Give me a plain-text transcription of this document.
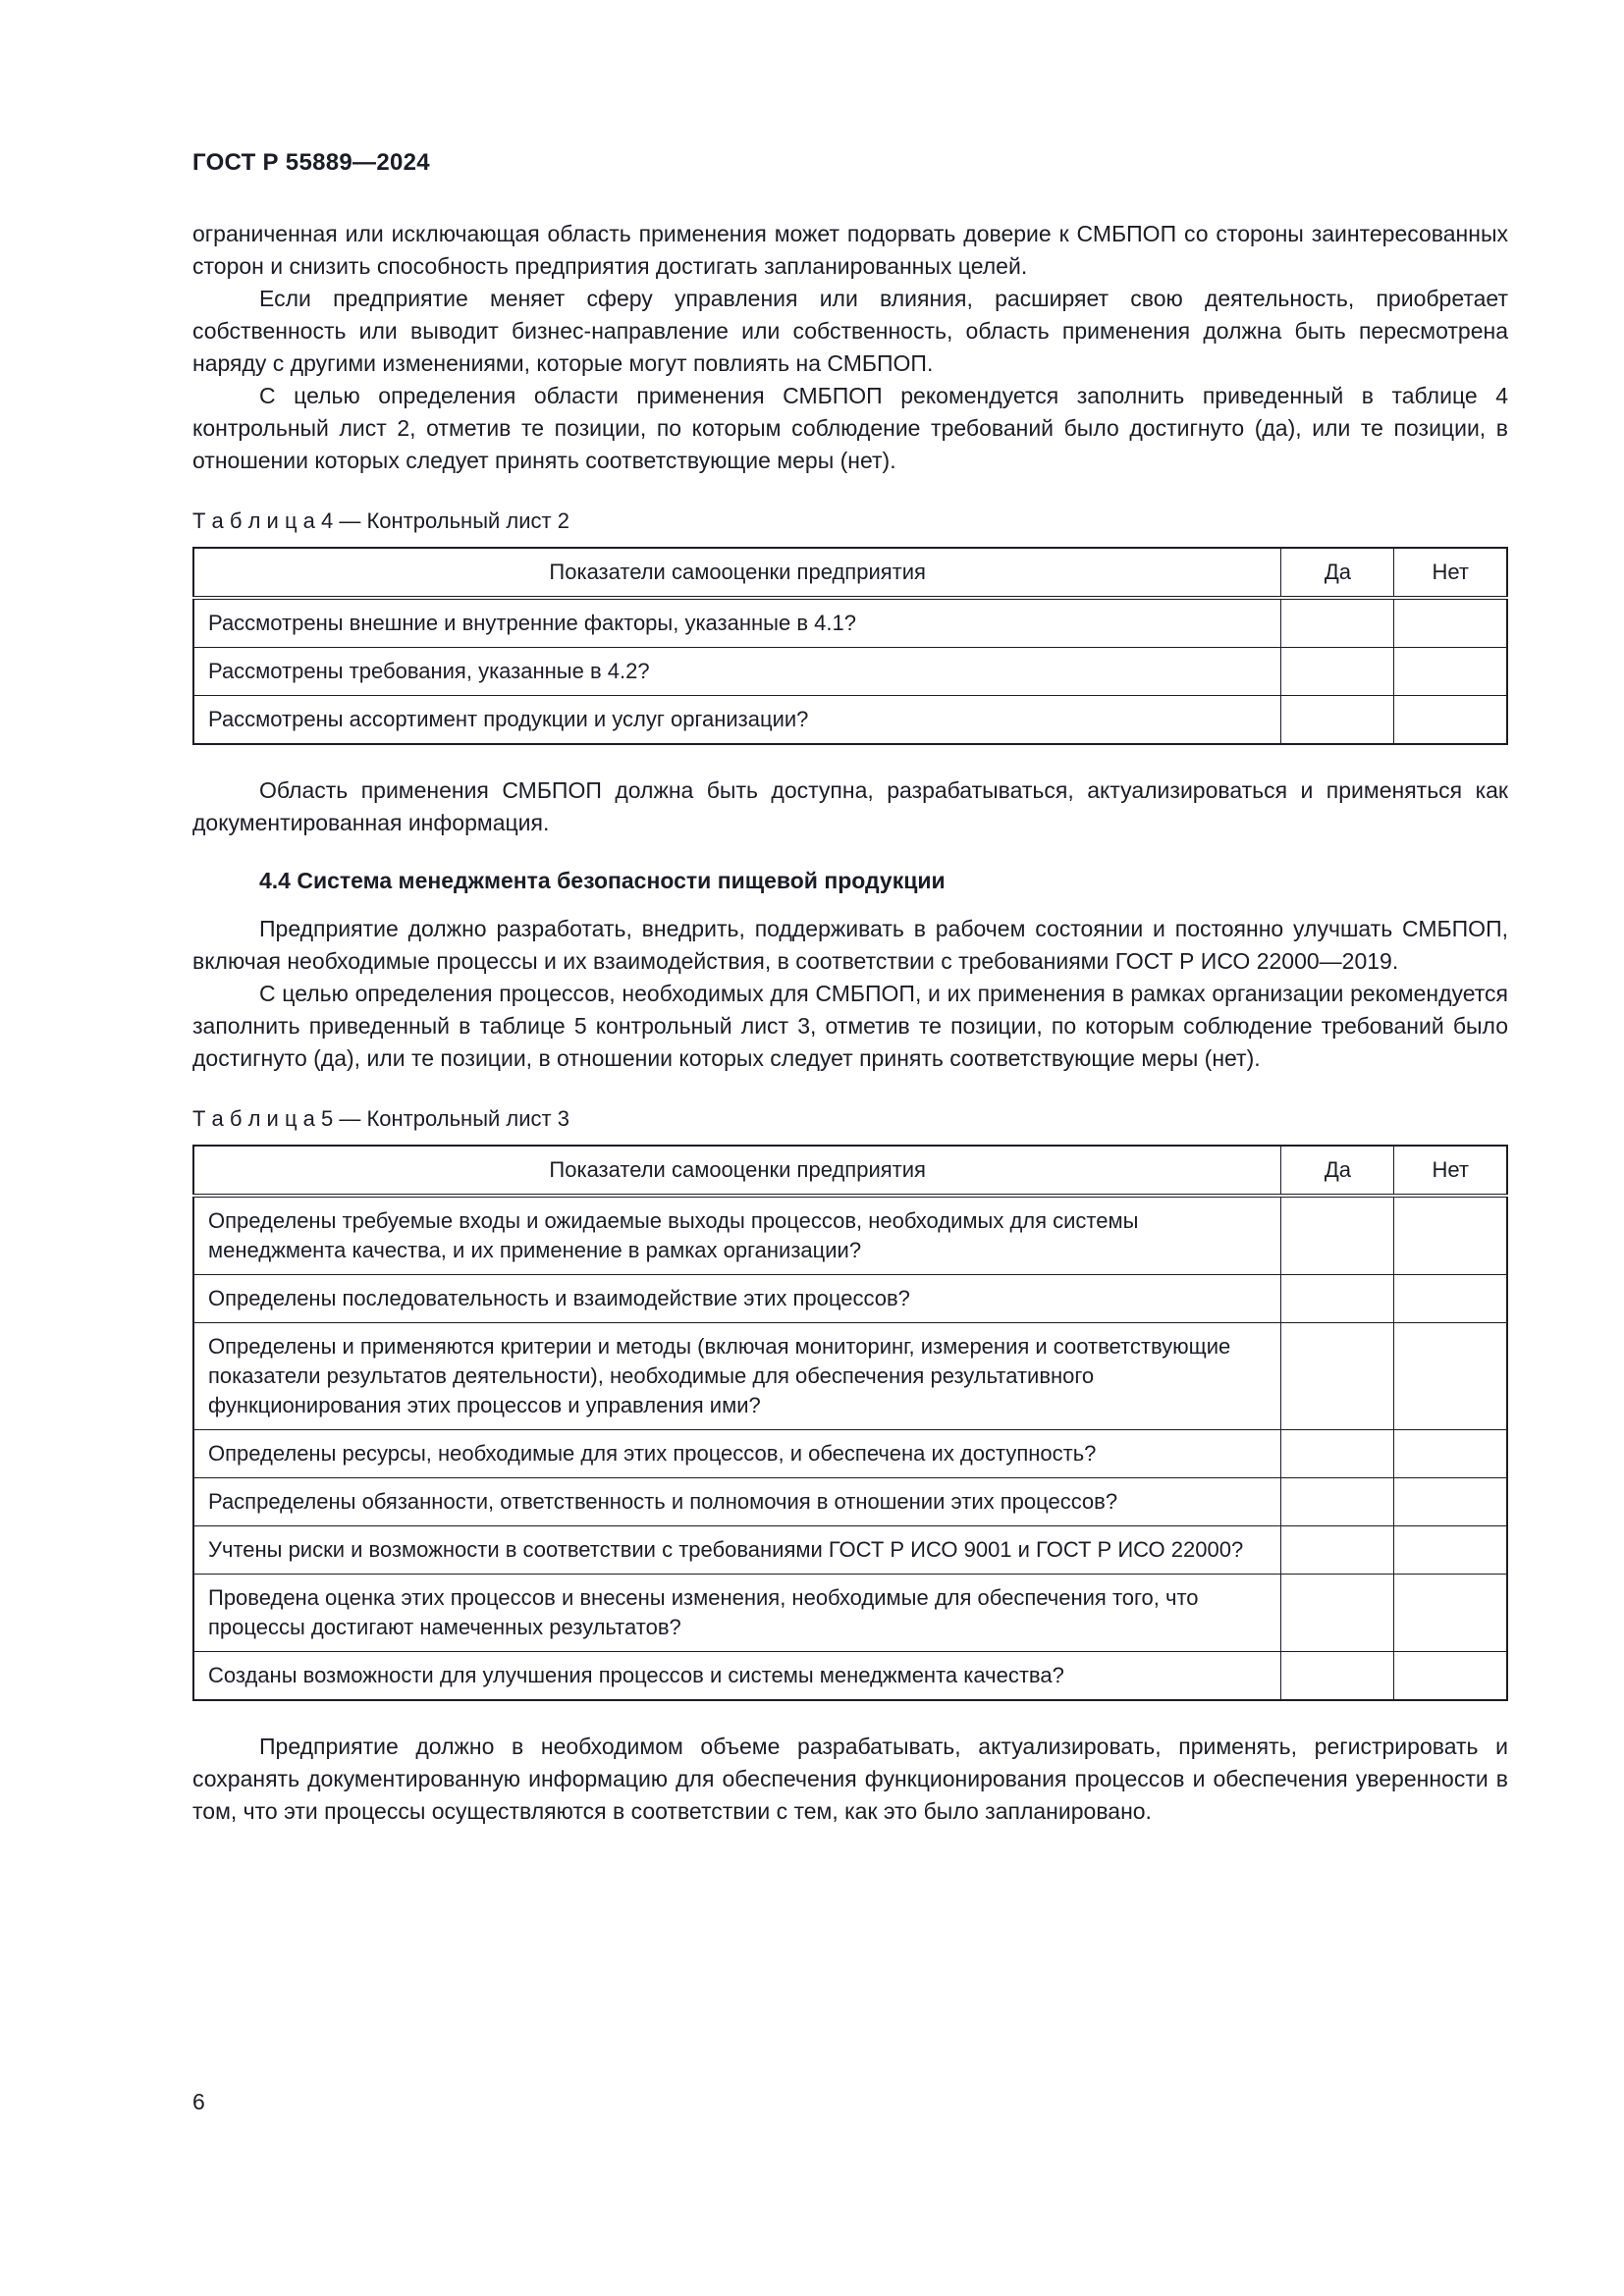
ГОСТ Р 55889—2024

ограниченная или исключающая область применения может подорвать доверие к СМБПОП со стороны заинтересованных сторон и снизить способность предприятия достигать запланированных целей.

Если предприятие меняет сферу управления или влияния, расширяет свою деятельность, приобретает собственность или выводит бизнес-направление или собственность, область применения должна быть пересмотрена наряду с другими изменениями, которые могут повлиять на СМБПОП.

С целью определения области применения СМБПОП рекомендуется заполнить приведенный в таблице 4 контрольный лист 2, отметив те позиции, по которым соблюдение требований было достигнуто (да), или те позиции, в отношении которых следует принять соответствующие меры (нет).

Т а б л и ц а 4 — Контрольный лист 2
Показатели самооценки предприятия	Да	Нет
Рассмотрены внешние и внутренние факторы, указанные в 4.1?		
Рассмотрены требования, указанные в 4.2?		
Рассмотрены ассортимент продукции и услуг организации?		

Область применения СМБПОП должна быть доступна, разрабатываться, актуализироваться и применяться как документированная информация.

4.4 Система менеджмента безопасности пищевой продукции

Предприятие должно разработать, внедрить, поддерживать в рабочем состоянии и постоянно улучшать СМБПОП, включая необходимые процессы и их взаимодействия, в соответствии с требованиями ГОСТ Р ИСО 22000—2019.

С целью определения процессов, необходимых для СМБПОП, и их применения в рамках организации рекомендуется заполнить приведенный в таблице 5 контрольный лист 3, отметив те позиции, по которым соблюдение требований было достигнуто (да), или те позиции, в отношении которых следует принять соответствующие меры (нет).

Т а б л и ц а 5 — Контрольный лист 3
Показатели самооценки предприятия	Да	Нет
Определены требуемые входы и ожидаемые выходы процессов, необходимых для системы менеджмента качества, и их применение в рамках организации?		
Определены последовательность и взаимодействие этих процессов?		
Определены и применяются критерии и методы (включая мониторинг, измерения и соответствующие показатели результатов деятельности), необходимые для обеспечения результативного функционирования этих процессов и управления ими?		
Определены ресурсы, необходимые для этих процессов, и обеспечена их доступность?		
Распределены обязанности, ответственность и полномочия в отношении этих процессов?		
Учтены риски и возможности в соответствии с требованиями ГОСТ Р ИСО 9001 и ГОСТ Р ИСО 22000?		
Проведена оценка этих процессов и внесены изменения, необходимые для обеспечения того, что процессы достигают намеченных результатов?		
Созданы возможности для улучшения процессов и системы менеджмента качества?		

Предприятие должно в необходимом объеме разрабатывать, актуализировать, применять, регистрировать и сохранять документированную информацию для обеспечения функционирования процессов и обеспечения уверенности в том, что эти процессы осуществляются в соответствии с тем, как это было запланировано.

6
